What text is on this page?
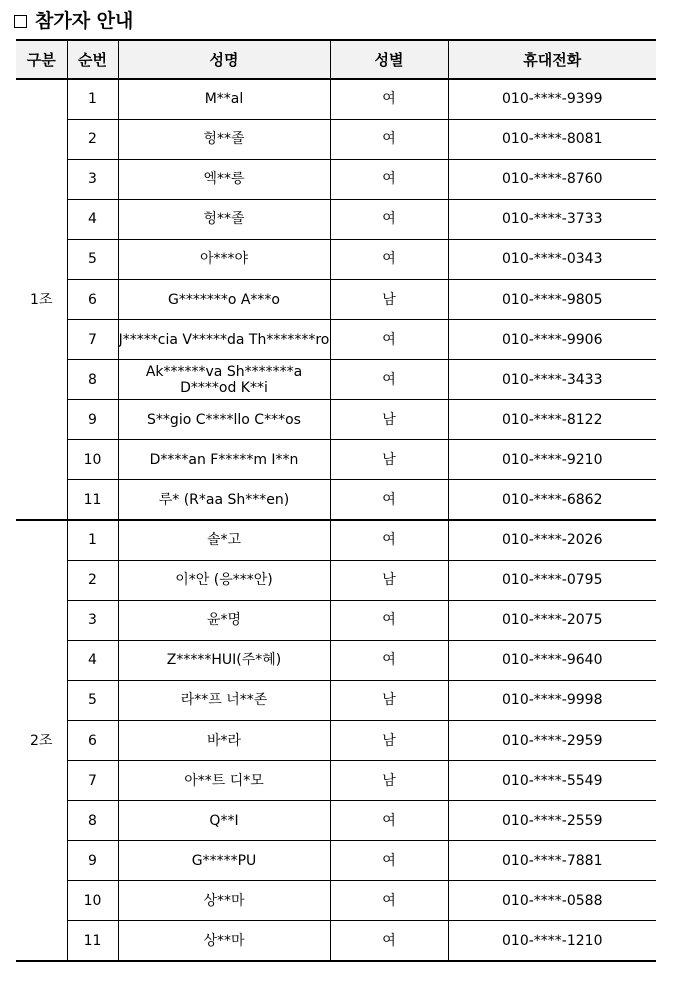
참가자 안내
구분	순번	성명	성별	휴대전화
1조	1	M**al	여	010-****-9399
	2	헝**졸	여	010-****-8081
	3	엑**릉	여	010-****-8760
	4	헝**졸	여	010-****-3733
	5	아***야	여	010-****-0343
	6	G*******o A***o	남	010-****-9805
	7	J*****cia V*****da Th*******ro	여	010-****-9906
	8	Ak******va Sh*******a D****od K**i	여	010-****-3433
	9	S**gio C****llo C***os	남	010-****-8122
	10	D****an F*****m I**n	남	010-****-9210
	11	루* (R*aa Sh***en)	여	010-****-6862
2조	1	솔*고	여	010-****-2026
	2	이*안 (응***안)	남	010-****-0795
	3	윤*명	여	010-****-2075
	4	Z*****HUI(주*혜)	여	010-****-9640
	5	라**프 너**존	남	010-****-9998
	6	바*라	남	010-****-2959
	7	아**트 디*모	남	010-****-5549
	8	Q**I	여	010-****-2559
	9	G*****PU	여	010-****-7881
	10	상**마	여	010-****-0588
	11	상**마	여	010-****-1210
